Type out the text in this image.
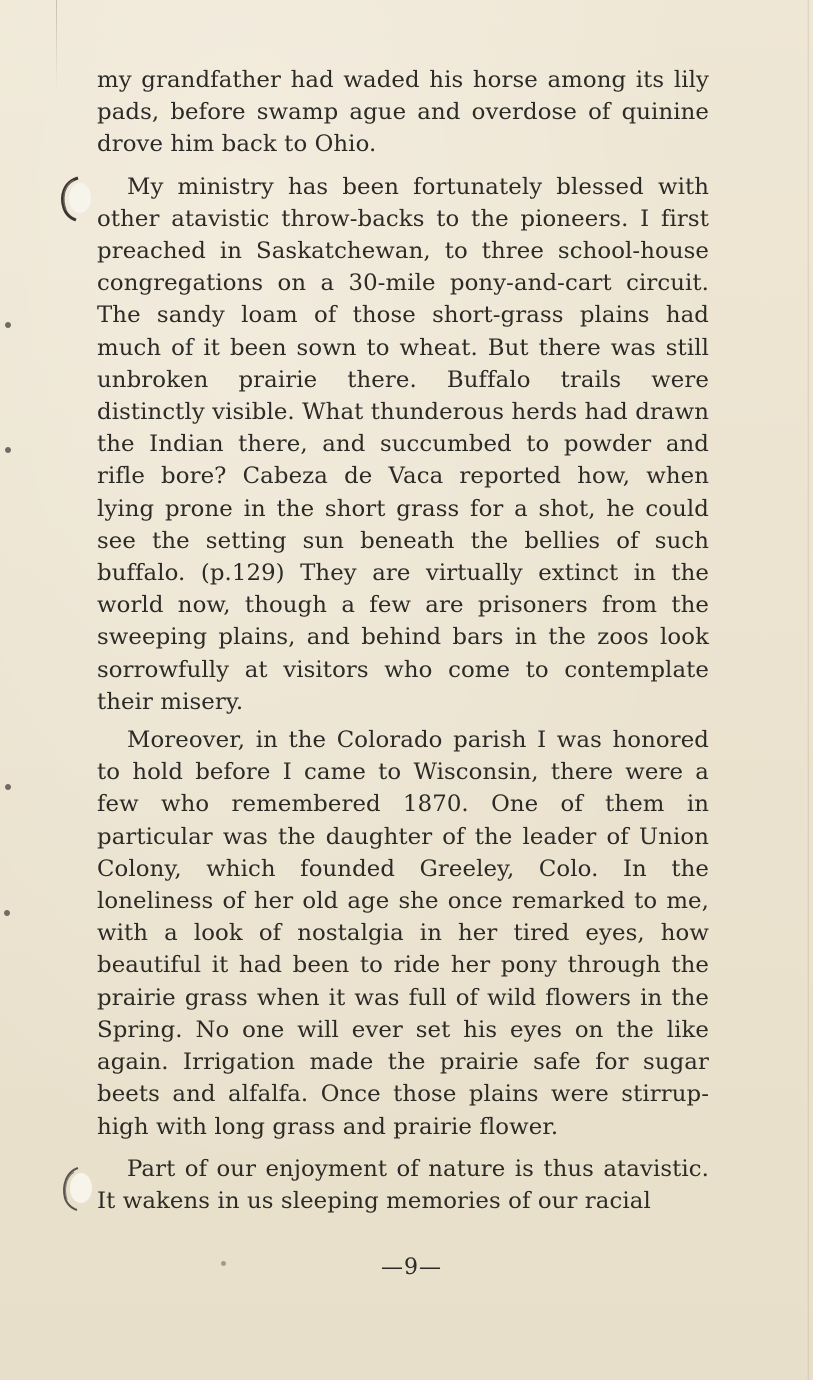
my grandfather had waded his horse among its lily pads, before swamp ague and overdose of quinine drove him back to Ohio.

My ministry has been fortunately blessed with other atavistic throw-backs to the pioneers. I first preached in Saskatchewan, to three school-house congregations on a 30-mile pony-and-cart circuit. The sandy loam of those short-grass plains had much of it been sown to wheat. But there was still unbroken prairie there. Buffalo trails were distinctly visible. What thunderous herds had drawn the Indian there, and succumbed to powder and rifle bore? Cabeza de Vaca reported how, when lying prone in the short grass for a shot, he could see the setting sun beneath the bellies of such buffalo. (p.129) They are virtually extinct in the world now, though a few are prisoners from the sweeping plains, and behind bars in the zoos look sorrowfully at visitors who come to contemplate their misery.

Moreover, in the Colorado parish I was honored to hold before I came to Wisconsin, there were a few who remembered 1870. One of them in particular was the daughter of the leader of Union Colony, which founded Greeley, Colo. In the loneliness of her old age she once remarked to me, with a look of nostalgia in her tired eyes, how beautiful it had been to ride her pony through the prairie grass when it was full of wild flowers in the Spring. No one will ever set his eyes on the like again. Irrigation made the prairie safe for sugar beets and alfalfa. Once those plains were stirrup-high with long grass and prairie flower.

Part of our enjoyment of nature is thus atavistic. It wakens in us sleeping memories of our racial

—9—
